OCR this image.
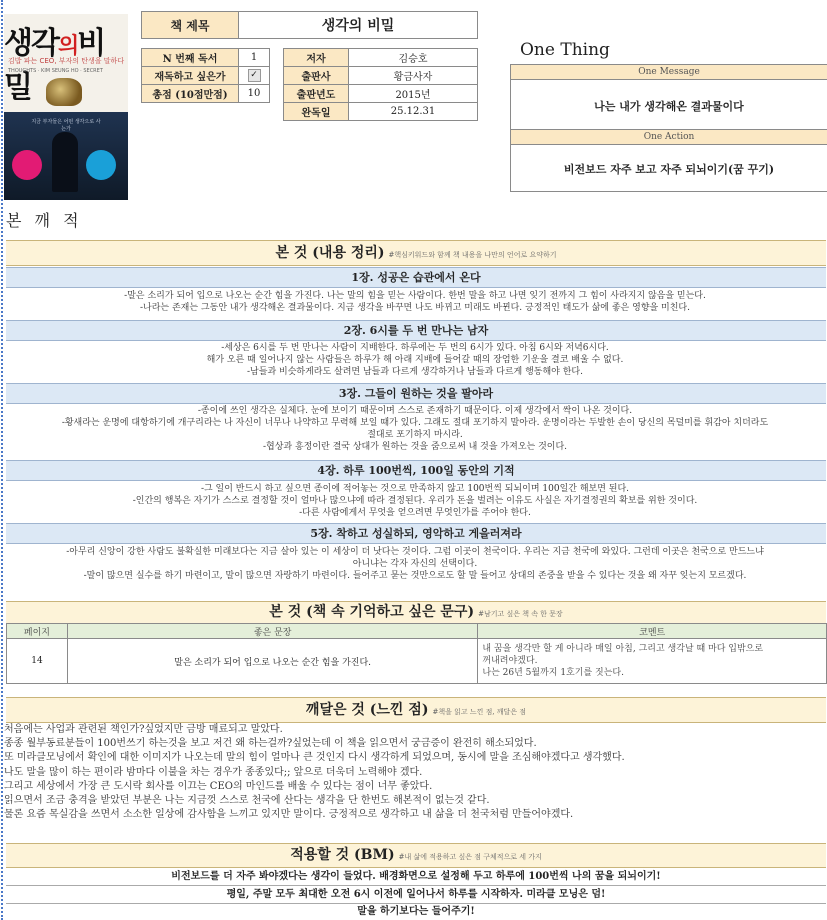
생각의비밀
김밥 파는 CEO, 부자의 탄생을 말하다
THOUGHTS · KIM SEUNG HO · SECRET
지금 부자들은 어떤 생각으로 사는가
책 제목	생각의 비밀
N 번째 독서	1
재독하고 싶은가	✓
총점 (10점만점)	10
저자	김승호
출판사	황금사자
출판년도	2015년
완독일	25.12.31
One Thing
One Message
나는 내가 생각해온 결과물이다
One Action
비전보드 자주 보고 자주 되뇌이기(꿈 꾸기)
본 깨 적
본 것 (내용 정리) #핵심키워드와 함께 책 내용을 나만의 언어로 요약하기
1장. 성공은 습관에서 온다
-말은 소리가 되어 입으로 나오는 순간 힘을 가진다. 나는 말의 힘을 믿는 사람이다. 한번 말을 하고 나면 잊기 전까지 그 힘이 사라지지 않음을 믿는다.
-나라는 존재는 그동안 내가 생각해온 결과물이다. 지금 생각을 바꾸면 나도 바뀌고 미래도 바뀐다. 긍정적인 태도가 삶에 좋은 영향을 미친다.
2장. 6시를 두 번 만나는 남자
-세상은 6시를 두 번 만나는 사람이 지배한다. 하루에는 두 번의 6시가 있다. 아침 6시와 저녁6시다.
해가 오른 때 일어나지 않는 사람들은 하루가 해 아래 지배에 들어갈 때의 장엄한 기운을 결코 배울 수 없다.
-남들과 비슷하게라도 살려면 남들과 다르게 생각하거나 남들과 다르게 행동해야 한다.
3장. 그들이 원하는 것을 팔아라
-종이에 쓰인 생각은 실체다. 눈에 보이기 때문이며 스스로 존재하기 때문이다. 이제 생각에서 싹이 나온 것이다.
-황새라는 운명에 대항하기에 개구리라는 나 자신이 너무나 나약하고 무력해 보일 때가 있다. 그래도 절대 포기하지 말아라. 운명이라는 두발한 손이 당신의 목덜미를 휘감아 치더라도
절대로 포기하지 마시라.
-협상과 흥정이란 결국 상대가 원하는 것을 줌으로써 내 것을 가져오는 것이다.
4장. 하루 100번씩, 100일 동안의 기적
-그 일이 반드시 하고 싶으면 종이에 적어놓는 것으로 만족하지 않고 100번씩 되뇌이며 100일간 해보면 된다.
-인간의 행복은 자기가 스스로 결정할 것이 얼마나 많으냐에 따라 결정된다. 우리가 돈을 벌려는 이유도 사실은 자기결정권의 확보를 위한 것이다.
-다른 사람에게서 무엇을 얻으려면 무엇인가를 주어야 한다.
5장. 착하고 성실하되, 영악하고 게을러져라
-아무리 신앙이 강한 사람도 불확실한 미래보다는 지금 살아 있는 이 세상이 더 낫다는 것이다. 그럼 이곳이 천국이다. 우리는 지금 천국에 와있다. 그런데 이곳은 천국으로 만드느냐
아니냐는 각자 자신의 선택이다.
-말이 많으면 실수를 하기 마련이고, 말이 많으면 자랑하기 마련이다. 들어주고 묻는 것만으로도 할 말 들어고 상대의 존중을 받을 수 있다는 것을 왜 자꾸 잊는지 모르겠다.
본 것 (책 속 기억하고 싶은 문구) #남기고 싶은 책 속 한 문장
페이지	좋은 문장	코멘트
14	말은 소리가 되어 입으로 나오는 순간 힘을 가진다.	내 꿈을 생각만 할 게 아니라 매일 아침, 그리고 생각날 때 마다 입밖으로
꺼내려야겠다.
나는 26년 5월까지 1호기를 짓는다.
깨달은 것 (느낀 점) #책을 읽고 느낀 점, 깨달은 점
처음에는 사업과 관련된 책인가?싶었지만 금방 매료되고 말았다.
종종 월부동료분들이 100번쓰기 하는것을 보고 저건 왜 하는걸까?싶었는데 이 책을 읽으면서 궁금증이 완전히 해소되었다.
또 미라클모닝에서 확인에 대한 이미지가 나오는데 말의 힘이 얼마나 큰 것인지 다시 생각하게 되었으며, 동시에 말을 조심해야겠다고 생각했다.
나도 말을 많이 하는 편이라 밤마다 이불을 차는 경우가 종종있다;; 앞으로 더욱더 노력해야 겠다.
그리고 세상에서 가장 큰 도시락 회사를 이끄는 CEO의 마인드를 배울 수 있다는 점이 너무 좋았다.
읽으면서 조금 충격을 받았던 부분은 나는 지금껏 스스로 천국에 산다는 생각을 단 한번도 해본적이 없는것 같다.
물론 요즘 목실감을 쓰면서 소소한 일상에 감사함을 느끼고 있지만 말이다. 긍정적으로 생각하고 내 삶을 더 천국처럼 만들어야겠다.
적용할 것 (BM) #내 삶에 적용하고 싶은 점 구체적으로 세 가지
비전보드를 더 자주 봐야겠다는 생각이 들었다. 배경화면으로 설정해 두고 하루에 100번씩 나의 꿈을 되뇌이기!
평일, 주말 모두 최대한 오전 6시 이전에 일어나서 하루를 시작하자. 미라클 모닝은 덤!
말을 하기보다는 들어주기!
